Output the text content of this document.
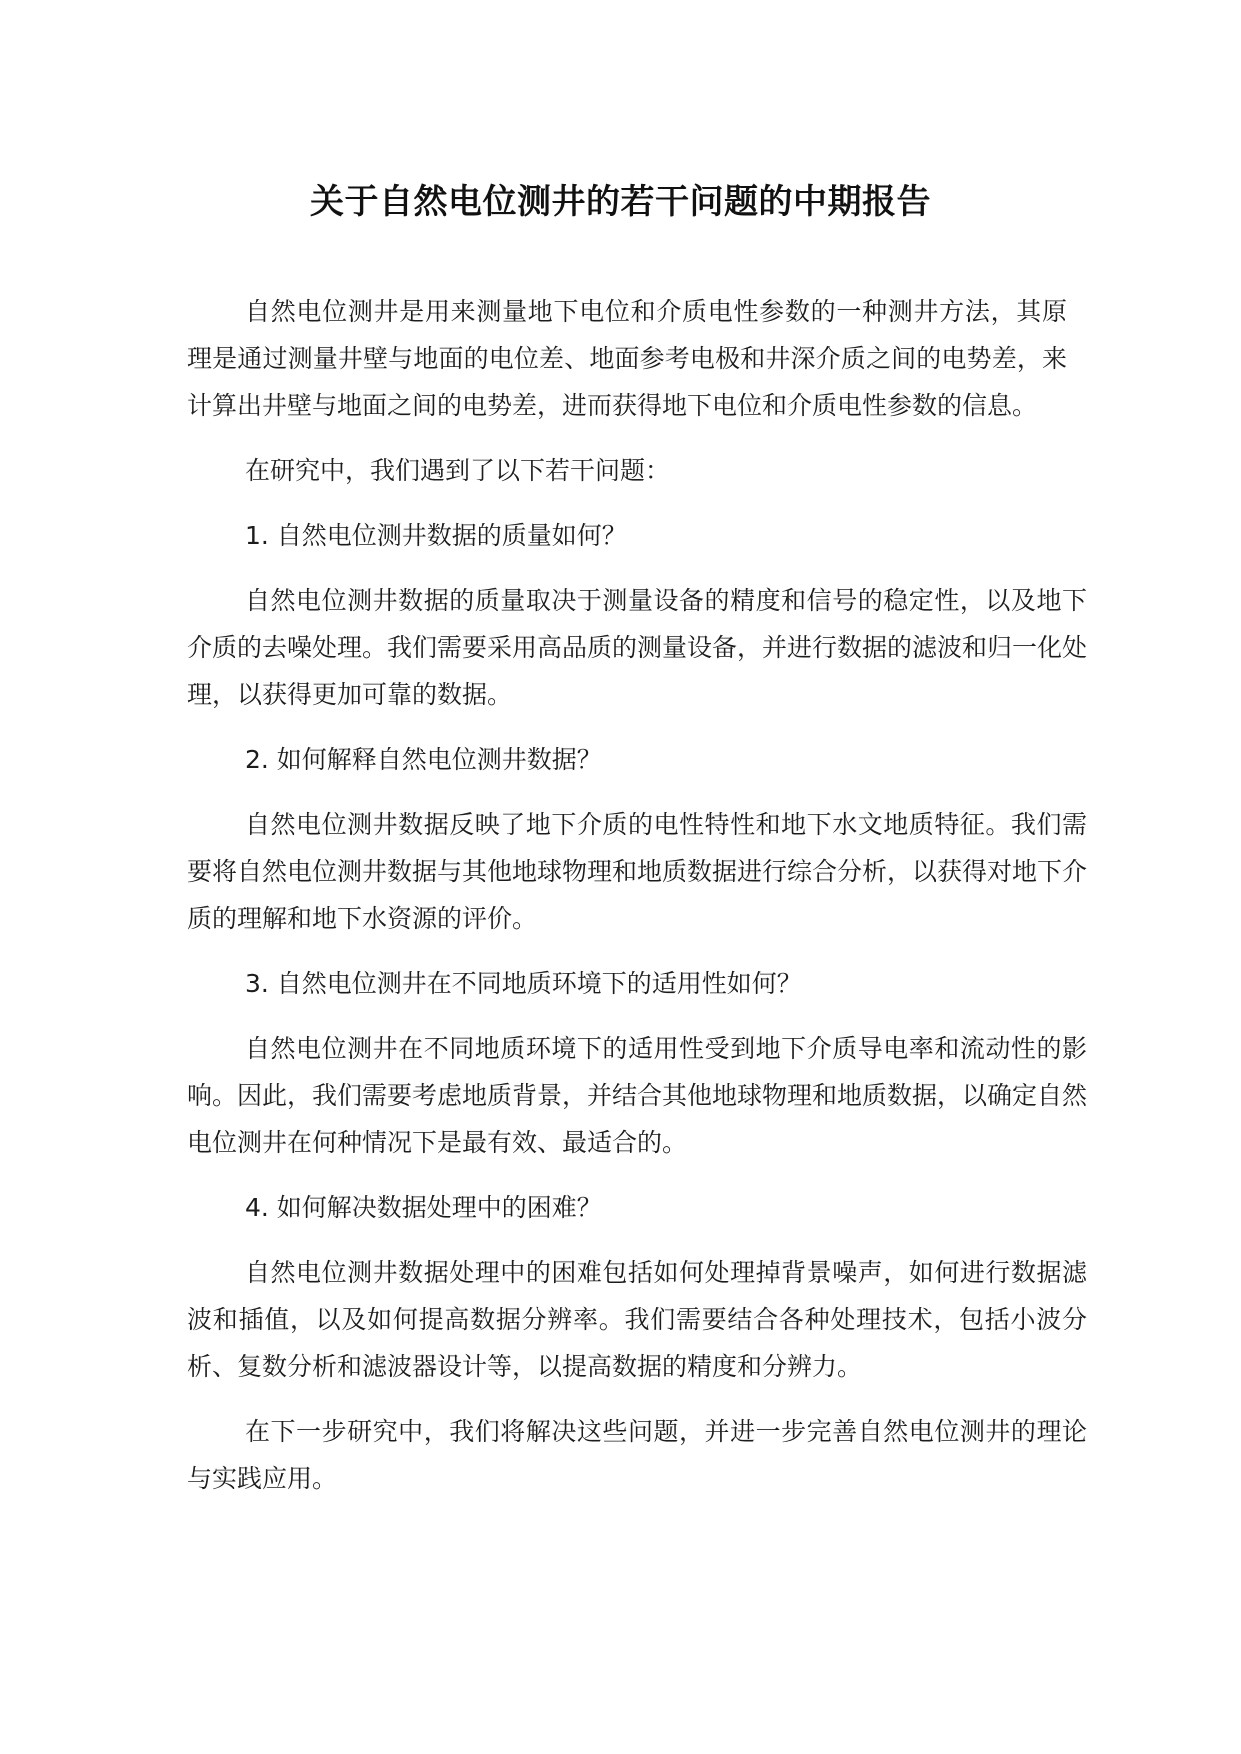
关于自然电位测井的若干问题的中期报告

自然电位测井是用来测量地下电位和介质电性参数的一种测井方法，其原理是通过测量井壁与地面的电位差、地面参考电极和井深介质之间的电势差，来计算出井壁与地面之间的电势差，进而获得地下电位和介质电性参数的信息。

在研究中，我们遇到了以下若干问题：

1. 自然电位测井数据的质量如何？

自然电位测井数据的质量取决于测量设备的精度和信号的稳定性，以及地下介质的去噪处理。我们需要采用高品质的测量设备，并进行数据的滤波和归一化处理，以获得更加可靠的数据。

2. 如何解释自然电位测井数据？

自然电位测井数据反映了地下介质的电性特性和地下水文地质特征。我们需要将自然电位测井数据与其他地球物理和地质数据进行综合分析，以获得对地下介质的理解和地下水资源的评价。

3. 自然电位测井在不同地质环境下的适用性如何？

自然电位测井在不同地质环境下的适用性受到地下介质导电率和流动性的影响。因此，我们需要考虑地质背景，并结合其他地球物理和地质数据，以确定自然电位测井在何种情况下是最有效、最适合的。

4. 如何解决数据处理中的困难？

自然电位测井数据处理中的困难包括如何处理掉背景噪声，如何进行数据滤波和插值，以及如何提高数据分辨率。我们需要结合各种处理技术，包括小波分析、复数分析和滤波器设计等，以提高数据的精度和分辨力。

在下一步研究中，我们将解决这些问题，并进一步完善自然电位测井的理论与实践应用。
